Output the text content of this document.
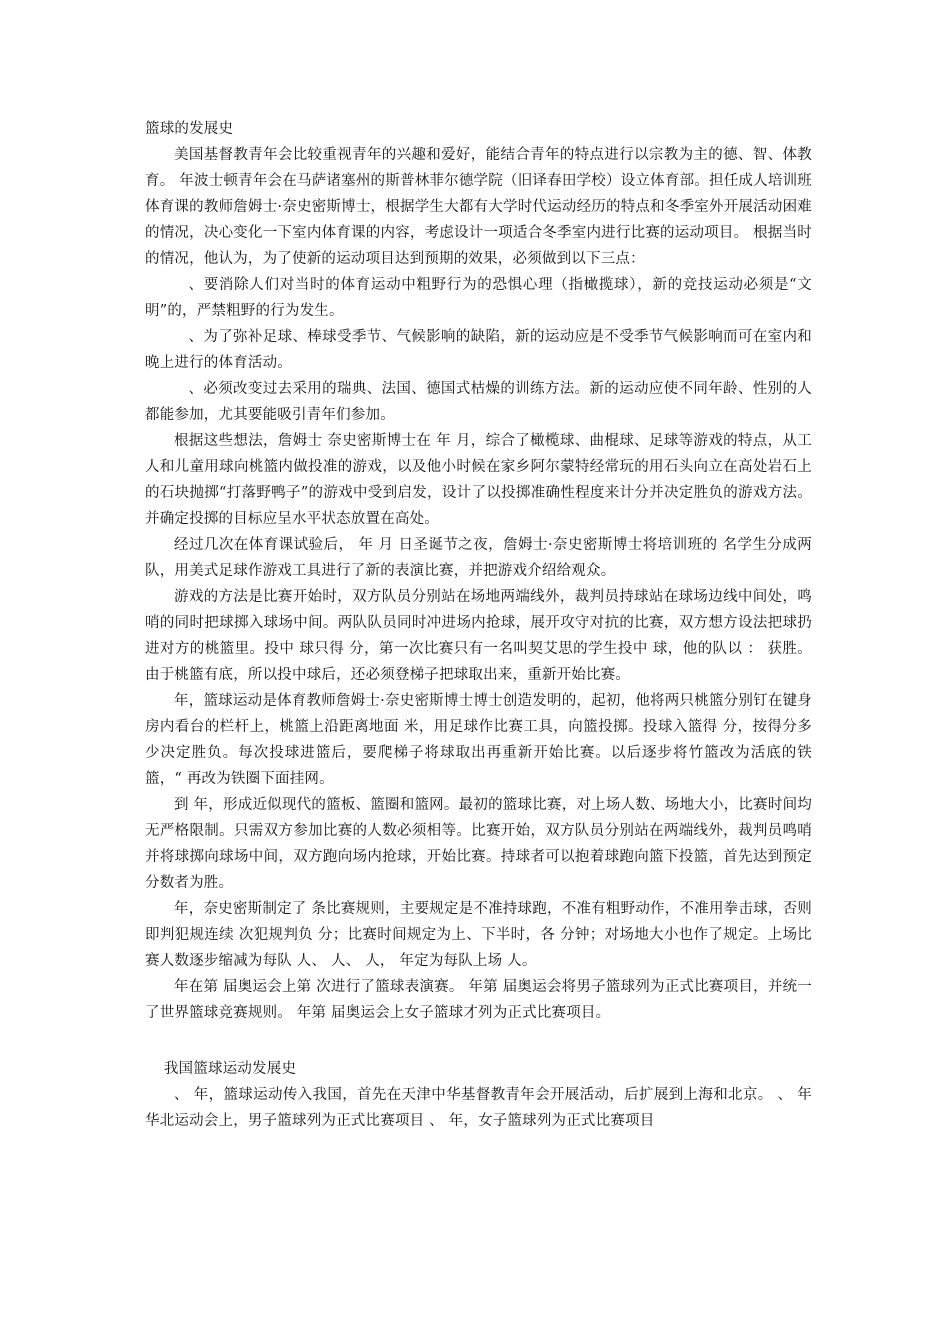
篮球的发展史

美国基督教青年会比较重视青年的兴趣和爱好，能结合青年的特点进行以宗教为主的德、智、体教育。 年波士顿青年会在马萨诸塞州的斯普林菲尔德学院（旧译春田学校）设立体育部。担任成人培训班体育课的教师詹姆士·奈史密斯博士，根据学生大都有大学时代运动经历的特点和冬季室外开展活动困难的情况，决心变化一下室内体育课的内容，考虑设计一项适合冬季室内进行比赛的运动项目。 根据当时的情况，他认为，为了使新的运动项目达到预期的效果，必须做到以下三点：

、要消除人们对当时的体育运动中粗野行为的恐惧心理（指橄揽球），新的竞技运动必须是“文明”的，严禁粗野的行为发生。

、为了弥补足球、棒球受季节、气候影响的缺陷，新的运动应是不受季节气候影响而可在室内和晚上进行的体育活动。

、必须改变过去采用的瑞典、法国、德国式枯燥的训练方法。新的运动应使不同年龄、性别的人都能参加，尤其要能吸引青年们参加。

根据这些想法，詹姆士 奈史密斯博士在 年 月，综合了橄榄球、曲棍球、足球等游戏的特点，从工人和儿童用球向桃篮内做投准的游戏，以及他小时候在家乡阿尔蒙特经常玩的用石头向立在高处岩石上的石块抛掷“打落野鸭子”的游戏中受到启发，设计了以投掷准确性程度来计分并决定胜负的游戏方法。并确定投掷的目标应呈水平状态放置在高处。

经过几次在体育课试验后， 年 月 日圣诞节之夜，詹姆士·奈史密斯博士将培训班的 名学生分成两队，用美式足球作游戏工具进行了新的表演比赛，并把游戏介绍给观众。

游戏的方法是比赛开始时，双方队员分别站在场地两端线外，裁判员持球站在球场边线中间处，鸣哨的同时把球掷入球场中间。两队队员同时冲进场内抢球，展开攻守对抗的比赛，双方想方设法把球扔进对方的桃篮里。投中 球只得 分，第一次比赛只有一名叫契艾思的学生投中 球，他的队以 ： 获胜。由于桃篮有底，所以投中球后，还必须登梯子把球取出来，重新开始比赛。

年，篮球运动是体育教师詹姆士·奈史密斯博士博士创造发明的，起初，他将两只桃篮分别钉在键身房内看台的栏杆上，桃篮上沿距离地面 米，用足球作比赛工具，向篮投掷。投球入篮得 分，按得分多少决定胜负。每次投球进篮后，要爬梯子将球取出再重新开始比赛。以后逐步将竹篮改为活底的铁篮，“ 再改为铁圈下面挂网。

到 年，形成近似现代的篮板、篮圈和篮网。最初的篮球比赛，对上场人数、场地大小，比赛时间均无严格限制。只需双方参加比赛的人数必须相等。比赛开始，双方队员分别站在两端线外，裁判员鸣哨并将球掷向球场中间，双方跑向场内抢球，开始比赛。持球者可以抱着球跑向篮下投篮，首先达到预定分数者为胜。

年，奈史密斯制定了 条比赛规则，主要规定是不准持球跑，不准有粗野动作，不准用拳击球，否则即判犯规连续 次犯规判负 分；比赛时间规定为上、下半时，各 分钟；对场地大小也作了规定。上场比赛人数逐步缩减为每队 人、 人、 人， 年定为每队上场 人。

年在第 届奥运会上第 次进行了篮球表演赛。 年第 届奥运会将男子篮球列为正式比赛项目，并统一了世界篮球竞赛规则。 年第 届奥运会上女子篮球才列为正式比赛项目。

我国篮球运动发展史

、 年，篮球运动传入我国，首先在天津中华基督教青年会开展活动，后扩展到上海和北京。 、 年华北运动会上，男子篮球列为正式比赛项目 、 年，女子篮球列为正式比赛项目
